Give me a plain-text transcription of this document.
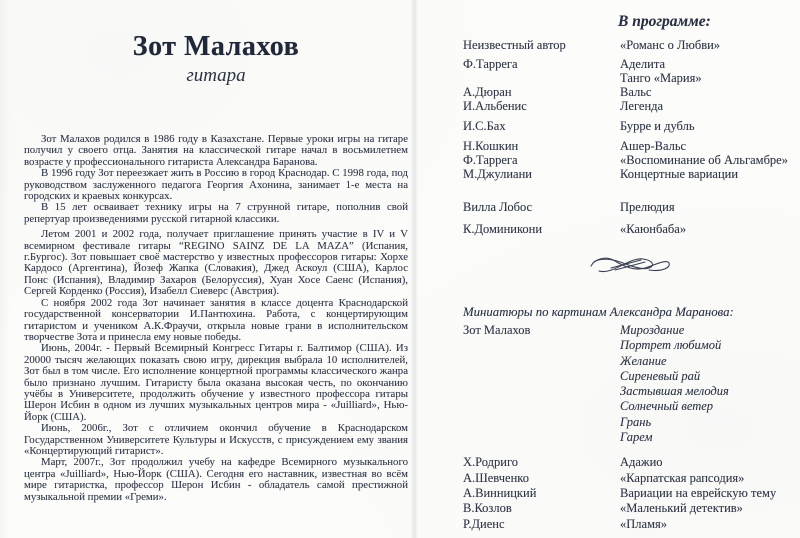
Зот Малахов
гитара

Зот Малахов родился в 1986 году в Казахстане. Первые уроки игры на гитаре получил у своего отца. Занятия на классической гитаре начал в восьмилетнем возрасте у профессионального гитариста Александра Баранова.

В 1996 году Зот переезжает жить в Россию в город Краснодар. С 1998 года, под руководством заслуженного педагога Георгия Ахонина, занимает 1-е места на городских и краевых конкурсах.

В 15 лет осваивает технику игры на 7 струнной гитаре, пополнив свой репертуар произведениями русской гитарной классики.

Летом 2001 и 2002 года, получает приглашение принять участие в IV и V всемирном фестивале гитары “REGINO SAINZ DE LA MAZA” (Испания, г.Бургос). Зот повышает своё мастерство у известных профессоров гитары: Хорхе Кардосо (Аргентина), Йозеф Жапка (Словакия), Джед Аскоул (США), Карлос Понс (Испания), Владимир Захаров (Белоруссия), Хуан Хосе Саенс (Испания), Сергей Корденко (Россия), Изабелл Сиеверс (Австрия).

С ноября 2002 года Зот начинает занятия в классе доцента Краснодарской государственной консерватории И.Пантюхина. Работа, с концертирующим гитаристом и учеником А.К.Фраучи, открыла новые грани в исполнительском творчестве Зота и принесла ему новые победы.

Июнь, 2004г. - Первый Всемирный Конгресс Гитары г. Балтимор (США). Из 20000 тысяч желающих показать свою игру, дирекция выбрала 10 исполнителей, Зот был в том числе. Его исполнение концертной программы классического жанра было признано лучшим. Гитаристу была оказана высокая честь, по окончанию учёбы в Университете, продолжить обучение у известного профессора гитары Шерон Исбин в одном из лучших музыкальных центров мира - «Juilliard», Нью-Йорк (США).

Июнь, 2006г., Зот с отличием окончил обучение в Краснодарском Государственном Университете Культуры и Искусств, с присуждением ему звания «Концертирующий гитарист».

Март, 2007г., Зот продолжил учебу на кафедре Всемирного музыкального центра «Juilliard», Нью-Йорк (США). Сегодня его наставник, известная во всём мире гитаристка, профессор Шерон Исбин - обладатель самой престижной музыкальной премии «Греми».

В программе:
Неизвестный автор	«Романс о Любви»
Ф.Таррега	Аделита
Танго «Мария»
А.Дюран	Вальс
И.Альбенис	Легенда
И.С.Бах	Бурре и дубль
Н.Кошкин	Ашер-Вальс
Ф.Таррега	«Воспоминание об Альгамбре»
М.Джулиани	Концертные вариации
Вилла Лобос	Прелюдия
К.Доминикони	«Каюнбаба»
Миниатюры по картинам Александра Маранова:
Зот Малахов	Мироздание
Портрет любимой
Желание
Сиреневый рай
Застывшая мелодия
Солнечный ветер
Грань
Гарем
Х.Родриго	Адажио
А.Шевченко	«Карпатская рапсодия»
А.Винницкий	Вариации на еврейскую тему
В.Козлов	«Маленький детектив»
Р.Диенс	«Пламя»
